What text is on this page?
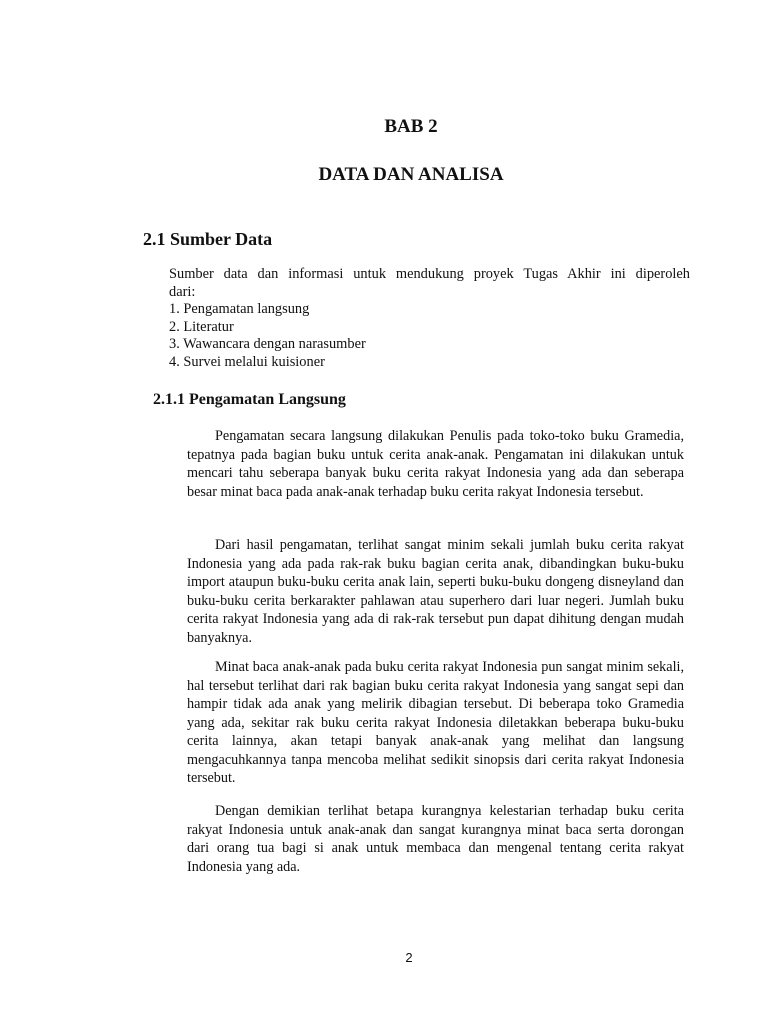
BAB 2
DATA DAN ANALISA
2.1 Sumber Data
Sumber data dan informasi untuk mendukung proyek Tugas Akhir ini diperoleh
dari:
1. Pengamatan langsung
2. Literatur
3. Wawancara dengan narasumber
4. Survei melalui kuisioner
2.1.1 Pengamatan Langsung

Pengamatan secara langsung dilakukan Penulis pada toko-toko buku Gramedia, tepatnya pada bagian buku untuk cerita anak-anak. Pengamatan ini dilakukan untuk mencari tahu seberapa banyak buku cerita rakyat Indonesia yang ada dan seberapa besar minat baca pada anak-anak terhadap buku cerita rakyat Indonesia tersebut.

Dari hasil pengamatan, terlihat sangat minim sekali jumlah buku cerita rakyat Indonesia yang ada pada rak-rak buku bagian cerita anak, dibandingkan buku-buku import ataupun buku-buku cerita anak lain, seperti buku-buku dongeng disneyland dan buku-buku cerita berkarakter pahlawan atau superhero dari luar negeri. Jumlah buku cerita rakyat Indonesia yang ada di rak-rak tersebut pun dapat dihitung dengan mudah banyaknya.

Minat baca anak-anak pada buku cerita rakyat Indonesia pun sangat minim sekali, hal tersebut terlihat dari rak bagian buku cerita rakyat Indonesia yang sangat sepi dan hampir tidak ada anak yang melirik dibagian tersebut. Di beberapa toko Gramedia yang ada, sekitar rak buku cerita rakyat Indonesia diletakkan beberapa buku-buku cerita lainnya, akan tetapi banyak anak-anak yang melihat dan langsung mengacuhkannya tanpa mencoba melihat sedikit sinopsis dari cerita rakyat Indonesia tersebut.

Dengan demikian terlihat betapa kurangnya kelestarian terhadap buku cerita rakyat Indonesia untuk anak-anak dan sangat kurangnya minat baca serta dorongan dari orang tua bagi si anak untuk membaca dan mengenal tentang cerita rakyat Indonesia yang ada.

2
